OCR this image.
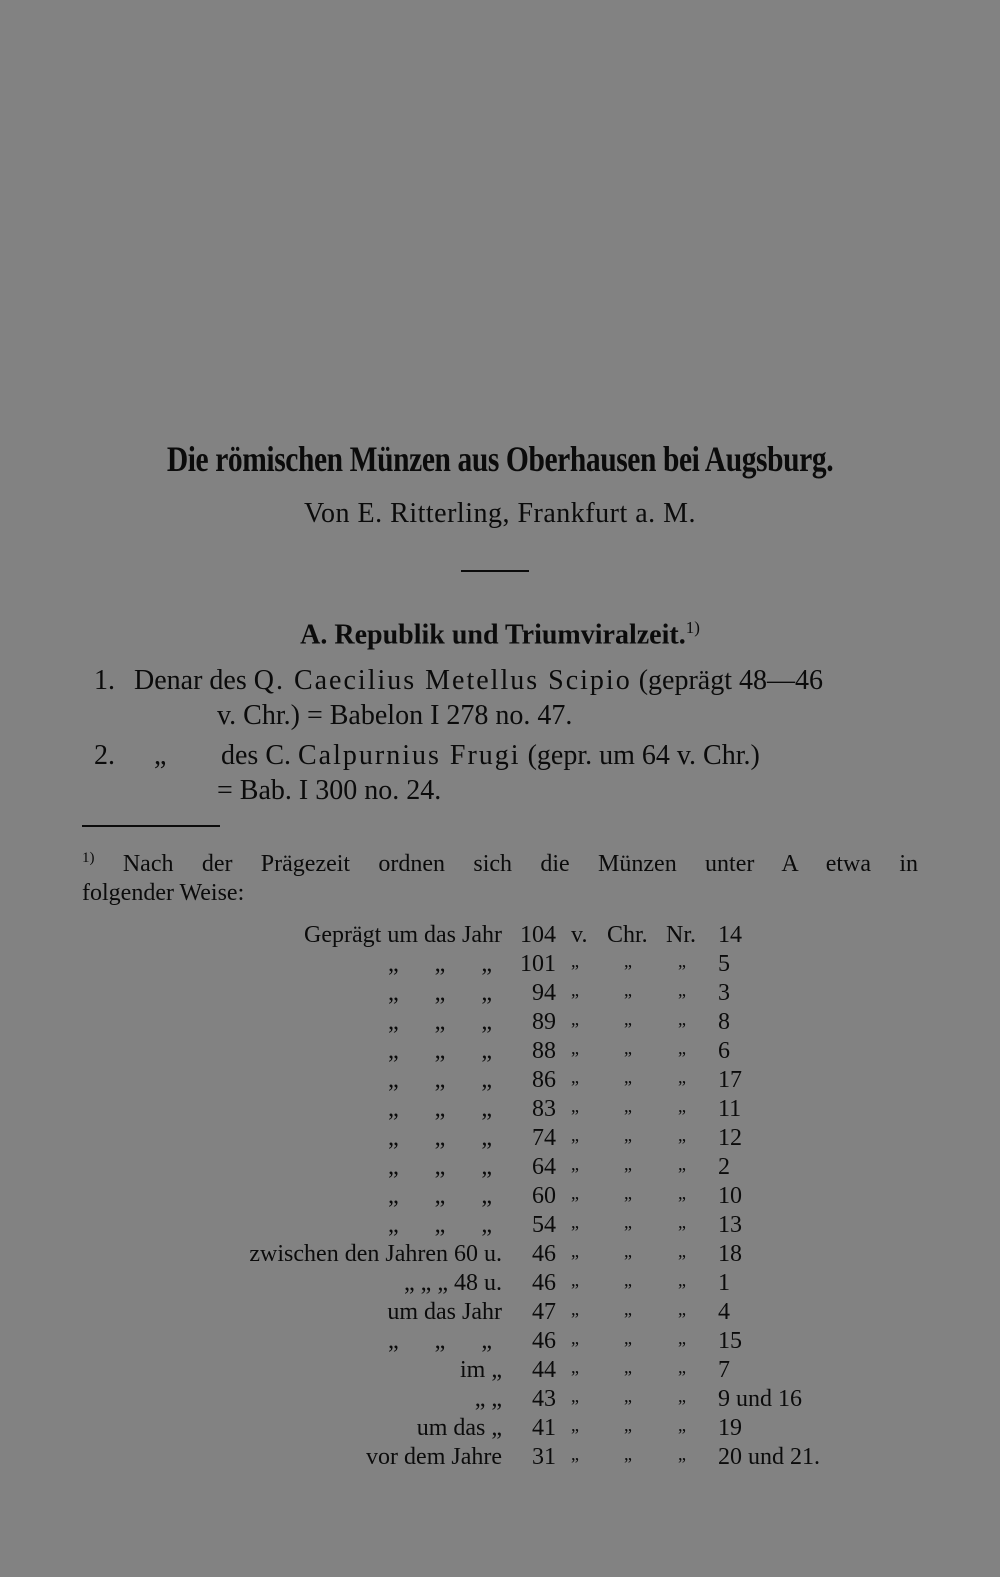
Die römischen Münzen aus Oberhausen bei Augsburg.
Von E. Ritterling, Frankfurt a. M.
A. Republik und Triumviralzeit.$^{1)}$
1. Denar des Q. Caecilius Metellus Scipio (geprägt 48—46
v. Chr.) = Babelon I 278 no. 47.
2. „ des C. Calpurnius Frugi (gepr. um 64 v. Chr.)
= Bab. I 300 no. 24.
$^{1)}$ Nach der Prägezeit ordnen sich die Münzen unter A etwa in
folgender Weise:
Geprägt um das Jahr 104 v. Chr. Nr. 14
„ „ „ 101 „	„	„ 5
„ „ „ 94 „	„	„ 3
„ „ „ 89 „	„	„ 8
„ „ „ 88 „	„	„ 6
„ „ „ 86 „	„	„ 17
„ „ „ 83 „	„	„ 11
„ „ „ 74 „	„	„ 12
„ „ „ 64 „	„	„ 2
„ „ „ 60 „	„	„ 10
„ „ „ 54 „	„	„ 13
zwischen den Jahren 60 u. 46 „	„	„ 18
„ „ „ 48 u. 46 „	„	„ 1
um das Jahr 47 „	„	„ 4
„ „ „ 46 „	„	„ 15
im „ 44 „	„	„ 7
„ „ 43 „	„	„ 9 und 16
um das „ 41 „	„	„ 19
vor dem Jahre 31 „	„	„ 20 und 21.
